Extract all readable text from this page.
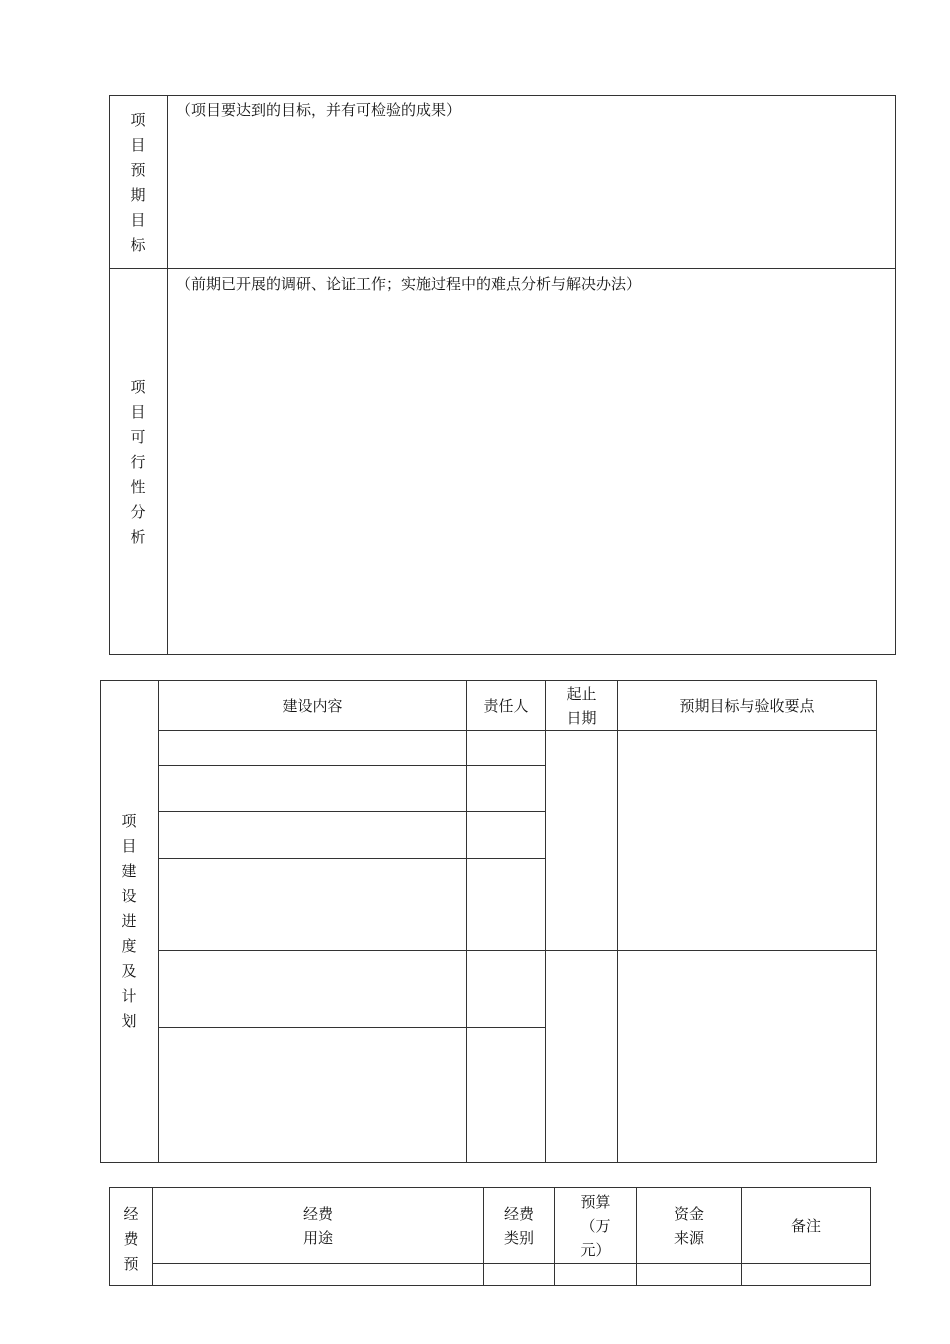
项目预期目标
（项目要达到的目标，并有可检验的成果）
项目可行性分析
（前期已开展的调研、论证工作；实施过程中的难点分析与解决办法）
项目建设进度及计划
建设内容	责任人
起止
日期
预期目标与验收要点
经费预
经费
用途
经费
类别
预算
（万
元）
资金
来源
备注
